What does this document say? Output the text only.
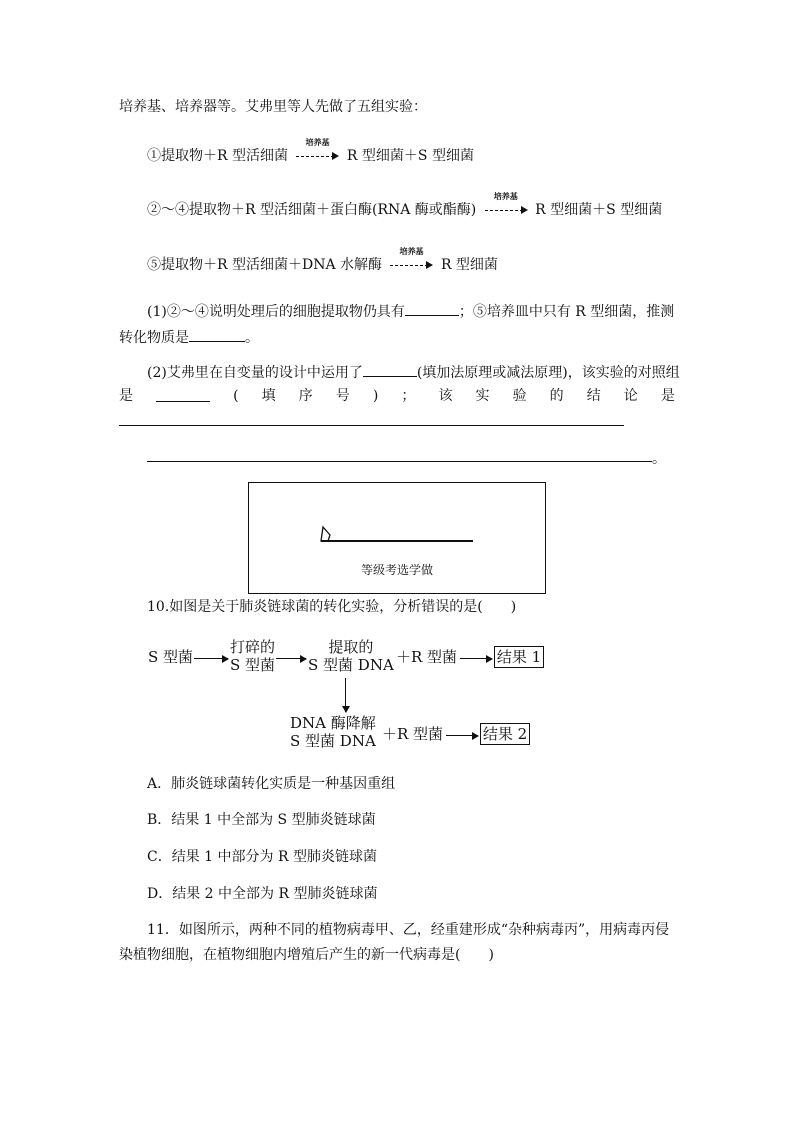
培养基、培养器等。艾弗里等人先做了五组实验：
①提取物＋R 型活细菌
培养基
R 型细菌＋S 型细菌
②～④提取物＋R 型活细菌＋蛋白酶(RNA 酶或酯酶)
培养基
R 型细菌＋S 型细菌
⑤提取物＋R 型活细菌＋DNA 水解酶
培养基
R 型细菌
(1)②～④说明处理后的细胞提取物仍具有	；⑤培养皿中只有 R 型细菌，推测
转化物质是	。
(2)艾弗里在自变量的设计中运用了	(填加法原理或减法原理)，该实验的对照组
是	( 填 序 号 ) ； 该 实 验 的 结 论 是
。
等级考选学做
10.如图是关于肺炎链球菌的转化实验，分析错误的是(　　)
S 型菌
打碎的
S 型菌
提取的
S 型菌 DNA ＋R 型菌	结果 1
DNA 酶降解
S 型菌 DNA ＋R 型菌	结果 2
A．肺炎链球菌转化实质是一种基因重组
B．结果 1 中全部为 S 型肺炎链球菌
C．结果 1 中部分为 R 型肺炎链球菌
D．结果 2 中全部为 R 型肺炎链球菌
11．如图所示，两种不同的植物病毒甲、乙，经重建形成“杂种病毒丙”，用病毒丙侵
染植物细胞，在植物细胞内增殖后产生的新一代病毒是(　　)
